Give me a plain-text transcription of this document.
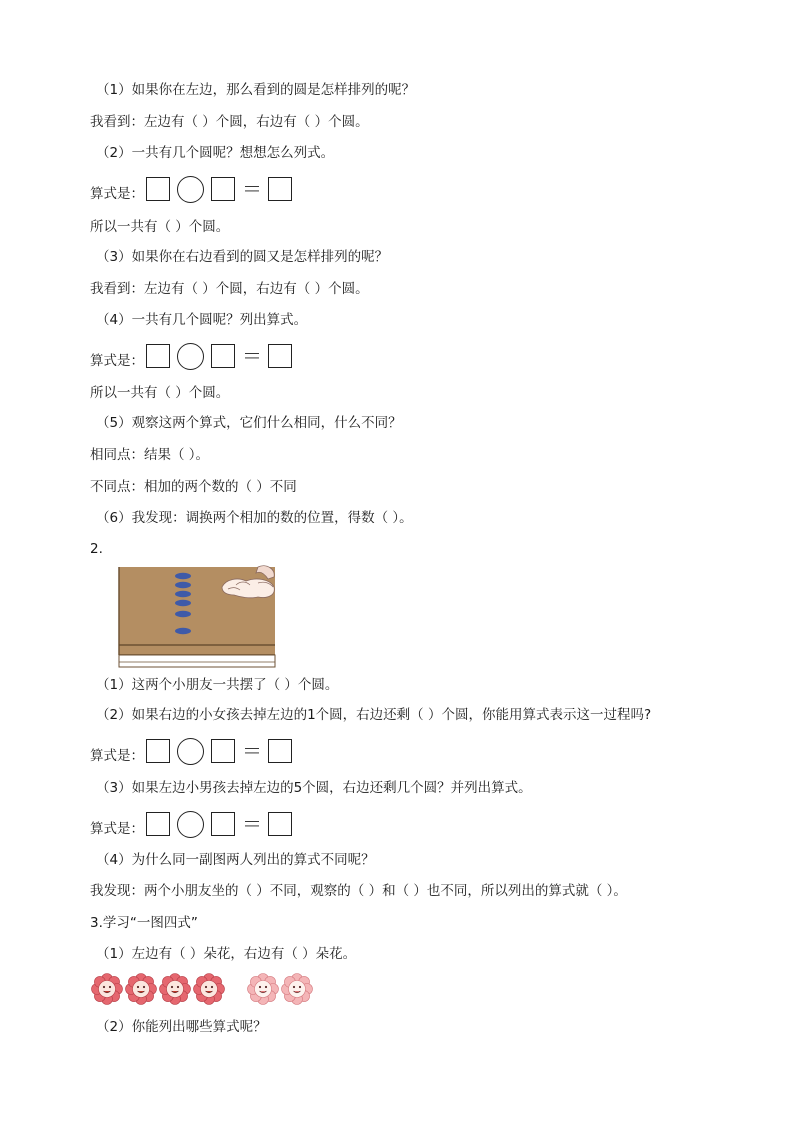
（1）如果你在左边，那么看到的圆是怎样排列的呢？
我看到：左边有（ ）个圆，右边有（ ）个圆。
（2）一共有几个圆呢？想想怎么列式。
算式是：	＝
所以一共有（ ）个圆。
（3）如果你在右边看到的圆又是怎样排列的呢？
我看到：左边有（ ）个圆，右边有（ ）个圆。
（4）一共有几个圆呢？列出算式。
算式是：	＝
所以一共有（ ）个圆。
（5）观察这两个算式，它们什么相同，什么不同？
相同点：结果（ ）。
不同点：相加的两个数的（ ）不同
（6）我发现：调换两个相加的数的位置，得数（ ）。
2.
（1）这两个小朋友一共摆了（ ）个圆。
（2）如果右边的小女孩去掉左边的1个圆，右边还剩（ ）个圆，你能用算式表示这一过程吗?
算式是：	＝
（3）如果左边小男孩去掉左边的5个圆，右边还剩几个圆？并列出算式。
算式是：	＝
（4）为什么同一副图两人列出的算式不同呢？
我发现：两个小朋友坐的（ ）不同，观察的（ ）和（ ）也不同，所以列出的算式就（ ）。
3.学习“一图四式”
（1）左边有（ ）朵花，右边有（ ）朵花。
（2）你能列出哪些算式呢？
